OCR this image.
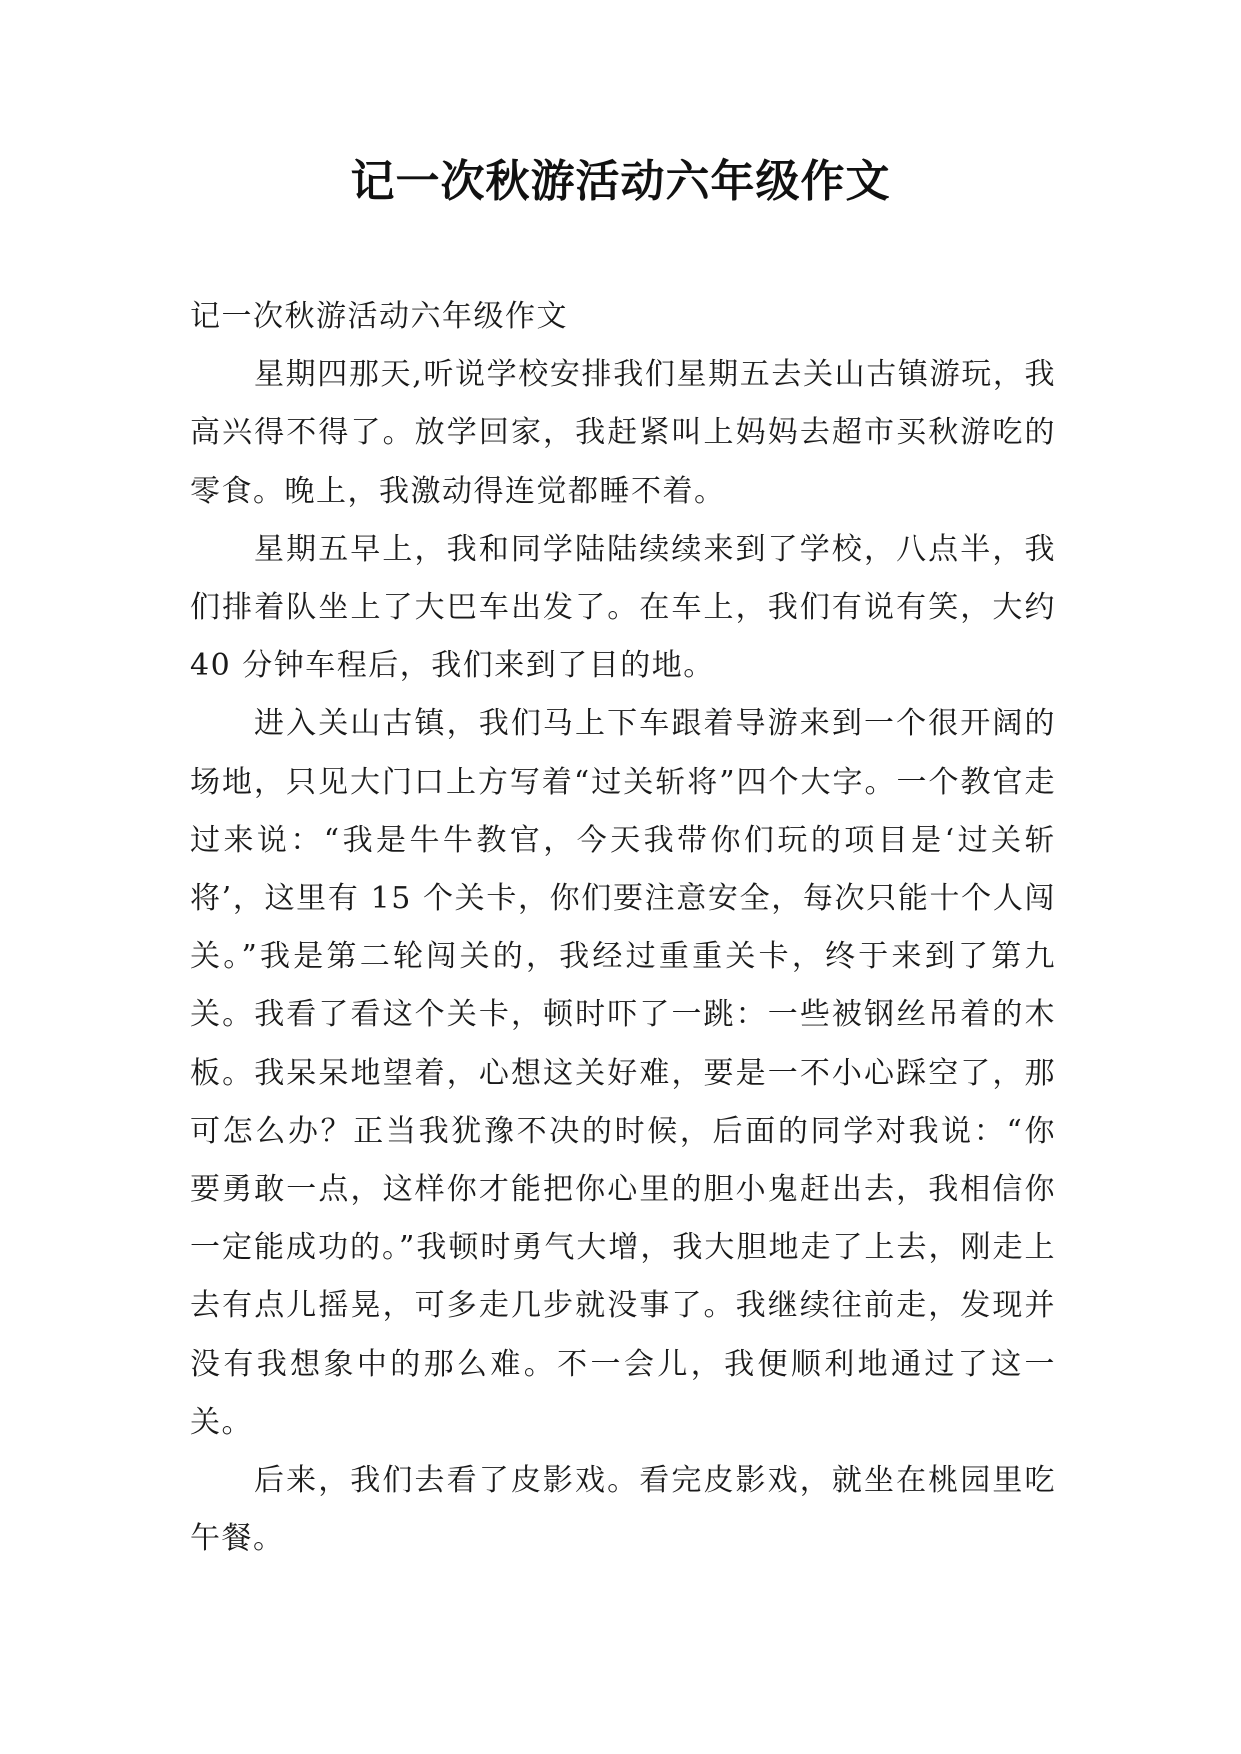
记一次秋游活动六年级作文

记一次秋游活动六年级作文

星期四那天,听说学校安排我们星期五去关山古镇游玩，我高兴得不得了。放学回家，我赶紧叫上妈妈去超市买秋游吃的零食。晚上，我激动得连觉都睡不着。

星期五早上，我和同学陆陆续续来到了学校，八点半，我们排着队坐上了大巴车出发了。在车上，我们有说有笑，大约 40 分钟车程后，我们来到了目的地。

进入关山古镇，我们马上下车跟着导游来到一个很开阔的场地，只见大门口上方写着“过关斩将”四个大字。一个教官走过来说：“我是牛牛教官，今天我带你们玩的项目是‘过关斩将’，这里有 15 个关卡，你们要注意安全，每次只能十个人闯关。”我是第二轮闯关的，我经过重重关卡，终于来到了第九关。我看了看这个关卡，顿时吓了一跳：一些被钢丝吊着的木板。我呆呆地望着，心想这关好难，要是一不小心踩空了，那可怎么办？正当我犹豫不决的时候，后面的同学对我说：“你要勇敢一点，这样你才能把你心里的胆小鬼赶出去，我相信你一定能成功的。”我顿时勇气大增，我大胆地走了上去，刚走上去有点儿摇晃，可多走几步就没事了。我继续往前走，发现并没有我想象中的那么难。不一会儿，我便顺利地通过了这一关。

后来，我们去看了皮影戏。看完皮影戏，就坐在桃园里吃午餐。
